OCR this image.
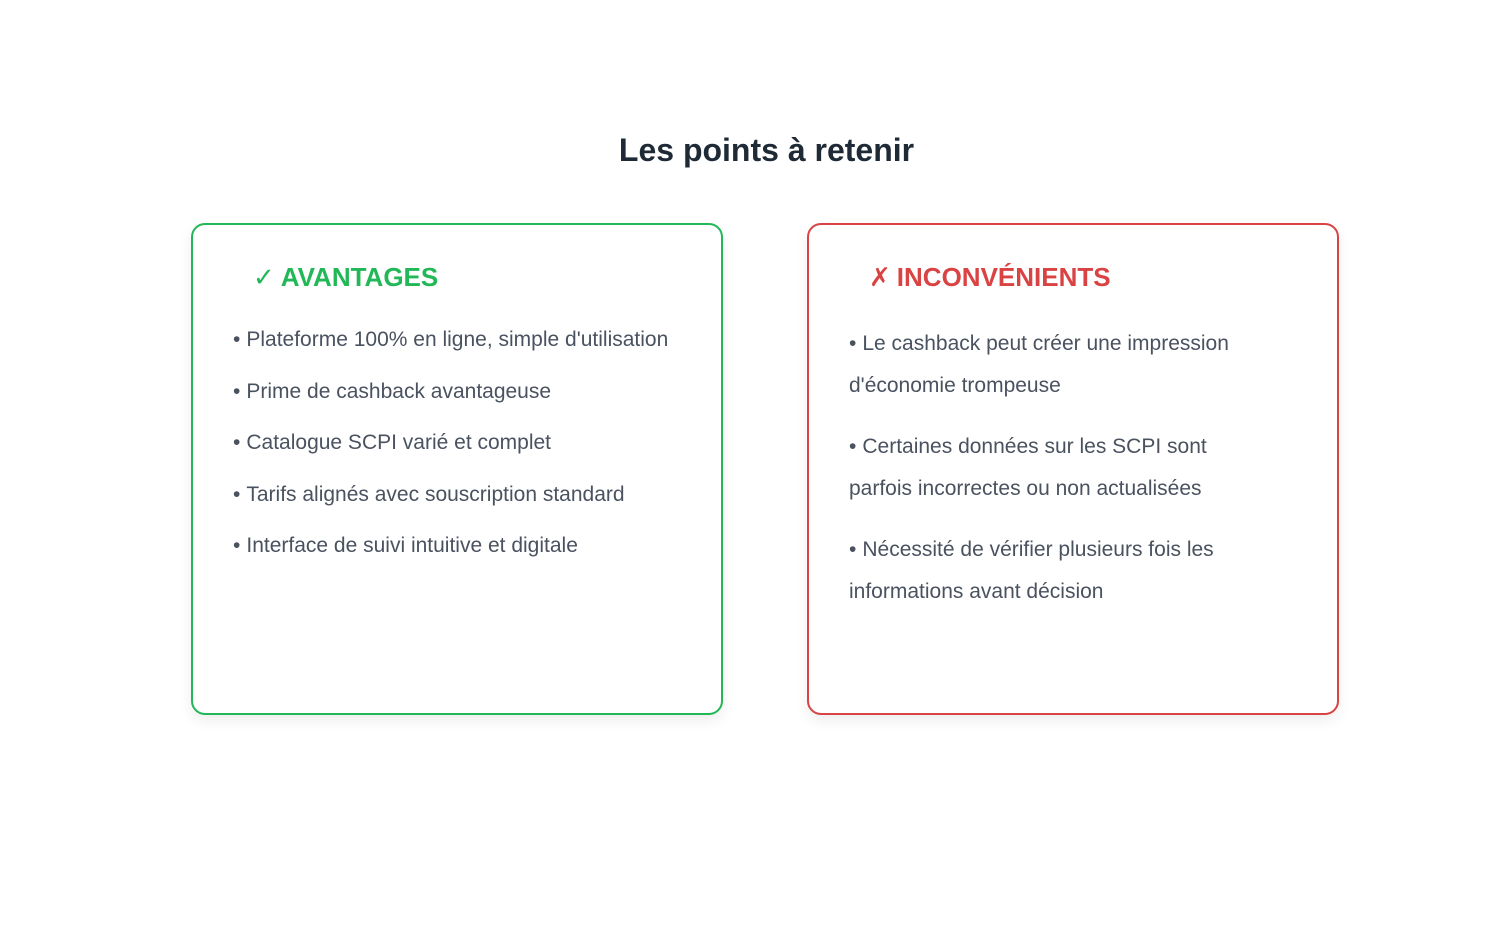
Les points à retenir
✓ AVANTAGES
• Plateforme 100% en ligne, simple d'utilisation
• Prime de cashback avantageuse
• Catalogue SCPI varié et complet
• Tarifs alignés avec souscription standard
• Interface de suivi intuitive et digitale
✗ INCONVÉNIENTS
• Le cashback peut créer une impression d'économie trompeuse
• Certaines données sur les SCPI sont parfois incorrectes ou non actualisées
• Nécessité de vérifier plusieurs fois les informations avant décision
